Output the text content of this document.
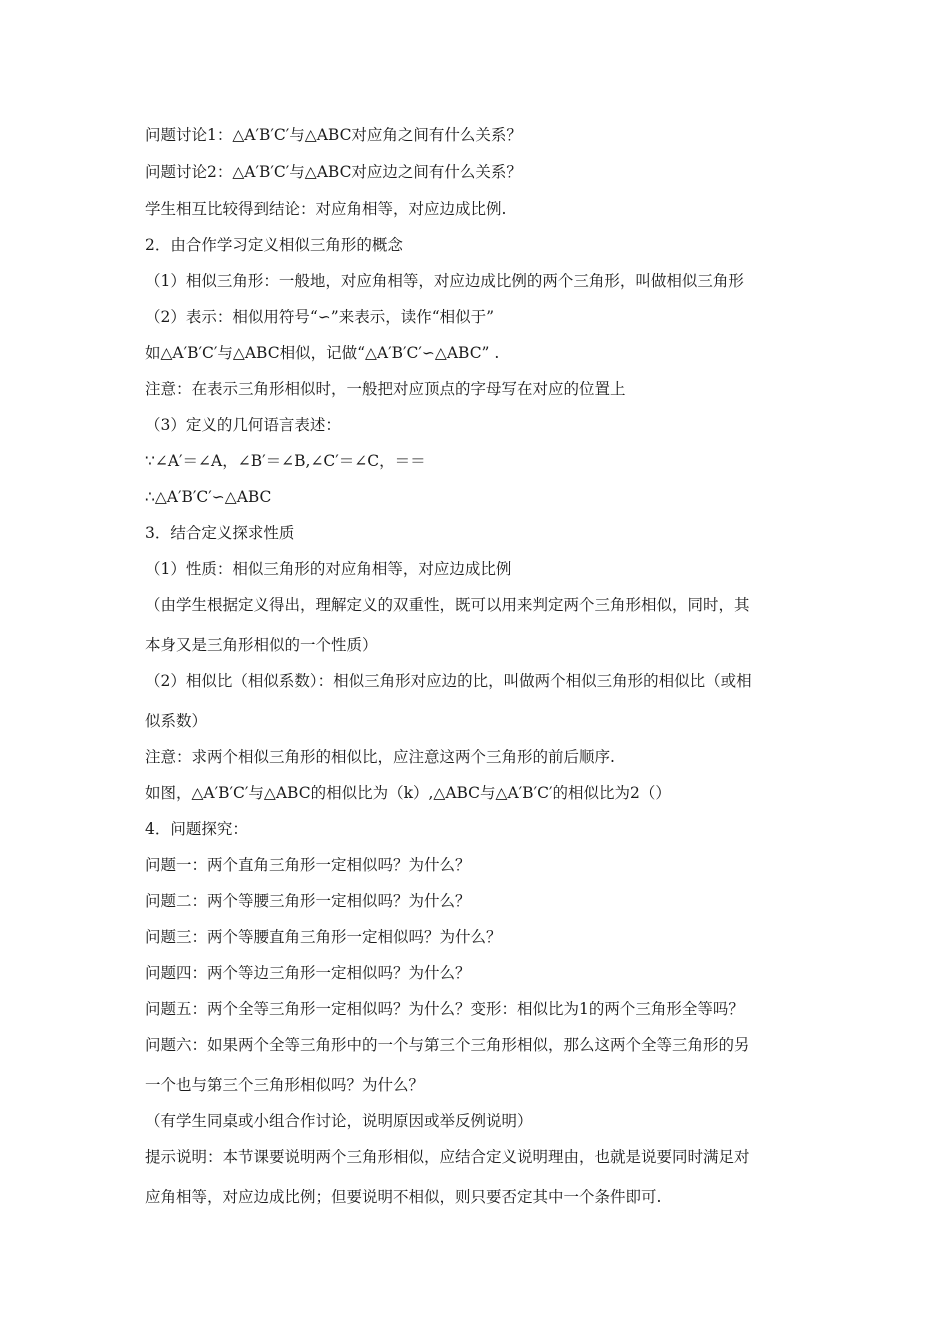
问题讨论1：△A′B′C′与△ABC对应角之间有什么关系？
问题讨论2：△A′B′C′与△ABC对应边之间有什么关系？
学生相互比较得到结论：对应角相等，对应边成比例.
2．由合作学习定义相似三角形的概念
（1）相似三角形：一般地，对应角相等，对应边成比例的两个三角形，叫做相似三角形
（2）表示：相似用符号“∽”来表示，读作“相似于”
如△A′B′C′与△ABC相似，记做“△A′B′C′∽△ABC” .
注意：在表示三角形相似时，一般把对应顶点的字母写在对应的位置上
（3）定义的几何语言表述：
∵∠A′＝∠A，∠B′＝∠B,∠C′＝∠C，＝＝
∴△A′B′C′∽△ABC
3．结合定义探求性质
（1）性质：相似三角形的对应角相等，对应边成比例
（由学生根据定义得出，理解定义的双重性，既可以用来判定两个三角形相似，同时，其
本身又是三角形相似的一个性质）
（2）相似比（相似系数）：相似三角形对应边的比，叫做两个相似三角形的相似比（或相
似系数）
注意：求两个相似三角形的相似比，应注意这两个三角形的前后顺序.
如图，△A′B′C′与△ABC的相似比为（k）,△ABC与△A′B′C′的相似比为2（）
4．问题探究：
问题一：两个直角三角形一定相似吗？为什么？
问题二：两个等腰三角形一定相似吗？为什么？
问题三：两个等腰直角三角形一定相似吗？为什么？
问题四：两个等边三角形一定相似吗？为什么？
问题五：两个全等三角形一定相似吗？为什么？变形：相似比为1的两个三角形全等吗？
问题六：如果两个全等三角形中的一个与第三个三角形相似，那么这两个全等三角形的另
一个也与第三个三角形相似吗？为什么？
（有学生同桌或小组合作讨论，说明原因或举反例说明）
提示说明：本节课要说明两个三角形相似，应结合定义说明理由，也就是说要同时满足对
应角相等，对应边成比例；但要说明不相似，则只要否定其中一个条件即可.
